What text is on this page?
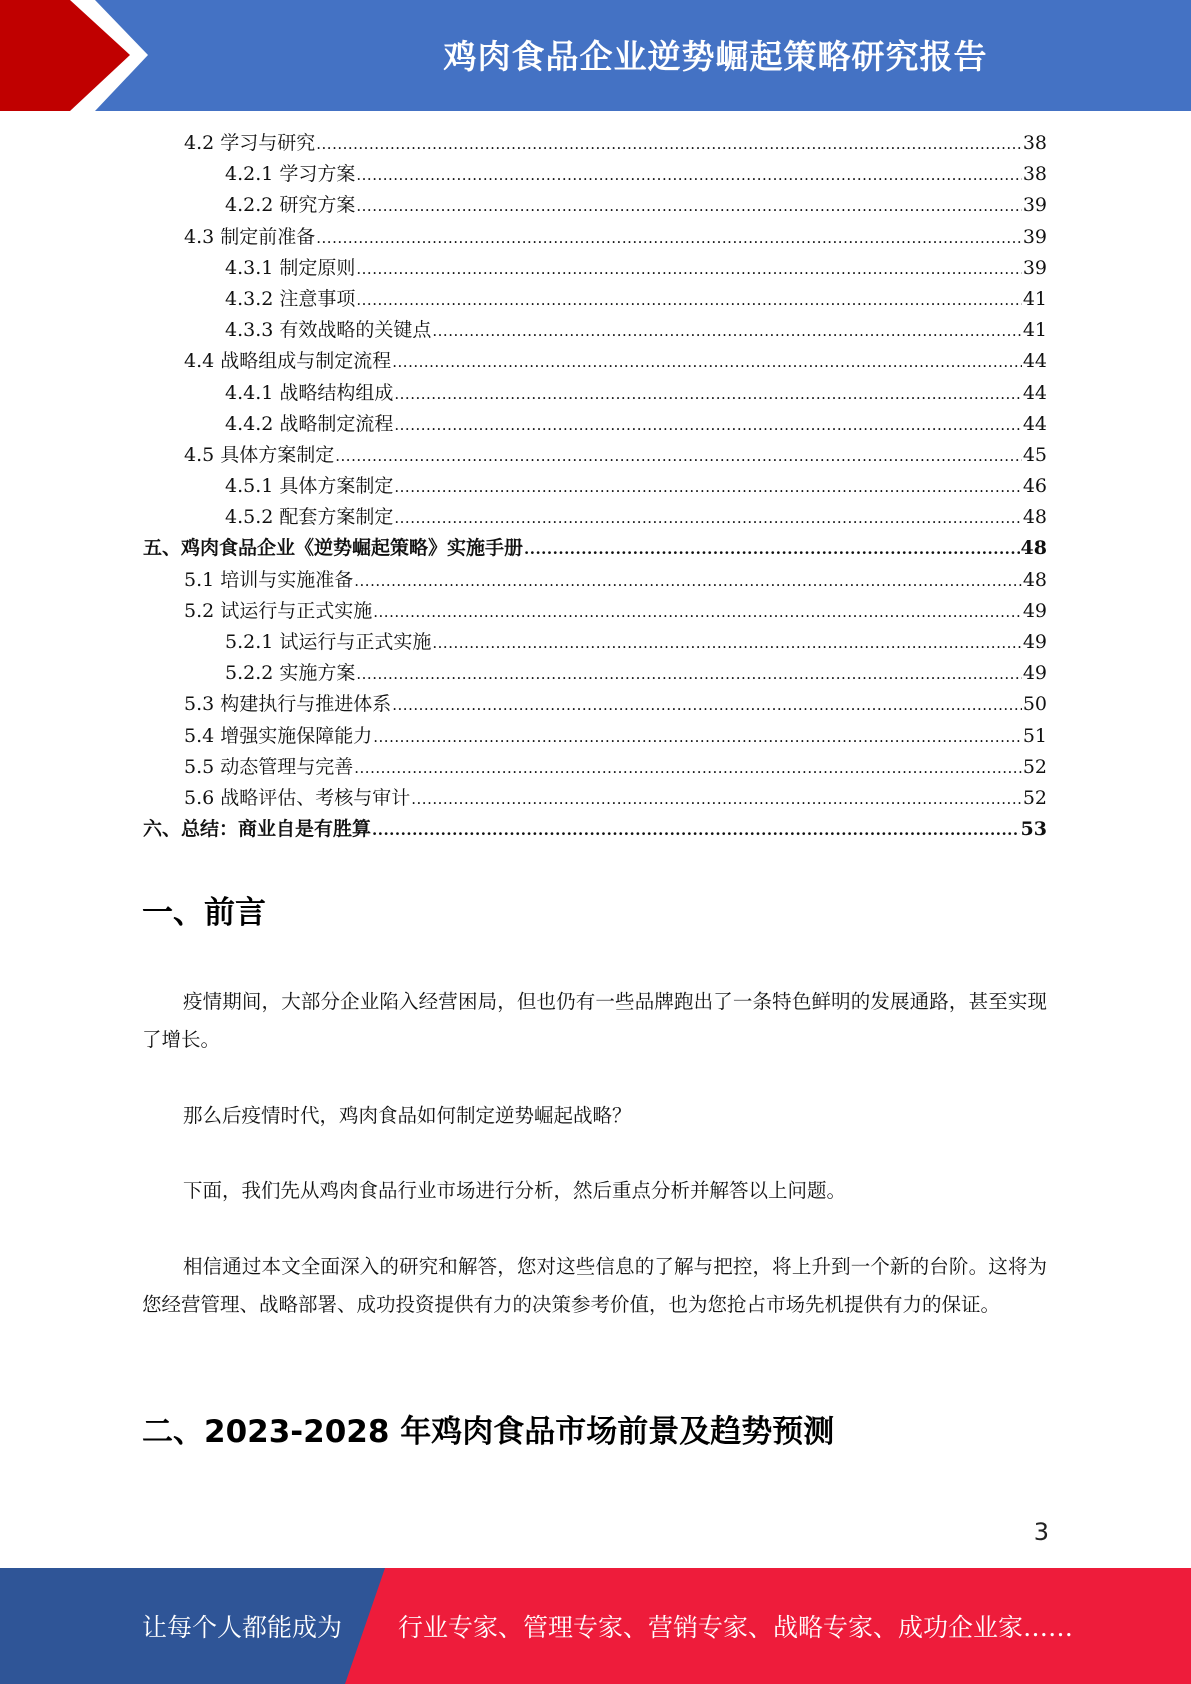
鸡肉食品企业逆势崛起策略研究报告
4.2 学习与研究 .....	38
4.2.1 学习方案 .....	38
4.2.2 研究方案 .....	39
4.3 制定前准备 .....	39
4.3.1 制定原则 .....	39
4.3.2 注意事项 .....	41
4.3.3 有效战略的关键点 .....	41
4.4 战略组成与制定流程 .....	44
4.4.1 战略结构组成 .....	44
4.4.2 战略制定流程 .....	44
4.5 具体方案制定 .....	45
4.5.1 具体方案制定 .....	46
4.5.2 配套方案制定 .....	48
五、鸡肉食品企业《逆势崛起策略》实施手册 .....	48
5.1 培训与实施准备 .....	48
5.2 试运行与正式实施 .....	49
5.2.1 试运行与正式实施 .....	49
5.2.2 实施方案 .....	49
5.3 构建执行与推进体系 .....	50
5.4 增强实施保障能力 .....	51
5.5 动态管理与完善 .....	52
5.6 战略评估、考核与审计 .....	52
六、总结：商业自是有胜算 .....	53
一、前言
疫情期间，大部分企业陷入经营困局，但也仍有一些品牌跑出了一条特色鲜明的发展通路，甚至实现了增长。
那么后疫情时代，鸡肉食品如何制定逆势崛起战略？
下面，我们先从鸡肉食品行业市场进行分析，然后重点分析并解答以上问题。
相信通过本文全面深入的研究和解答，您对这些信息的了解与把控，将上升到一个新的台阶。这将为您经营管理、战略部署、成功投资提供有力的决策参考价值，也为您抢占市场先机提供有力的保证。
二、2023-2028 年鸡肉食品市场前景及趋势预测
3
让每个人都能成为 行业专家、管理专家、营销专家、战略专家、成功企业家……
